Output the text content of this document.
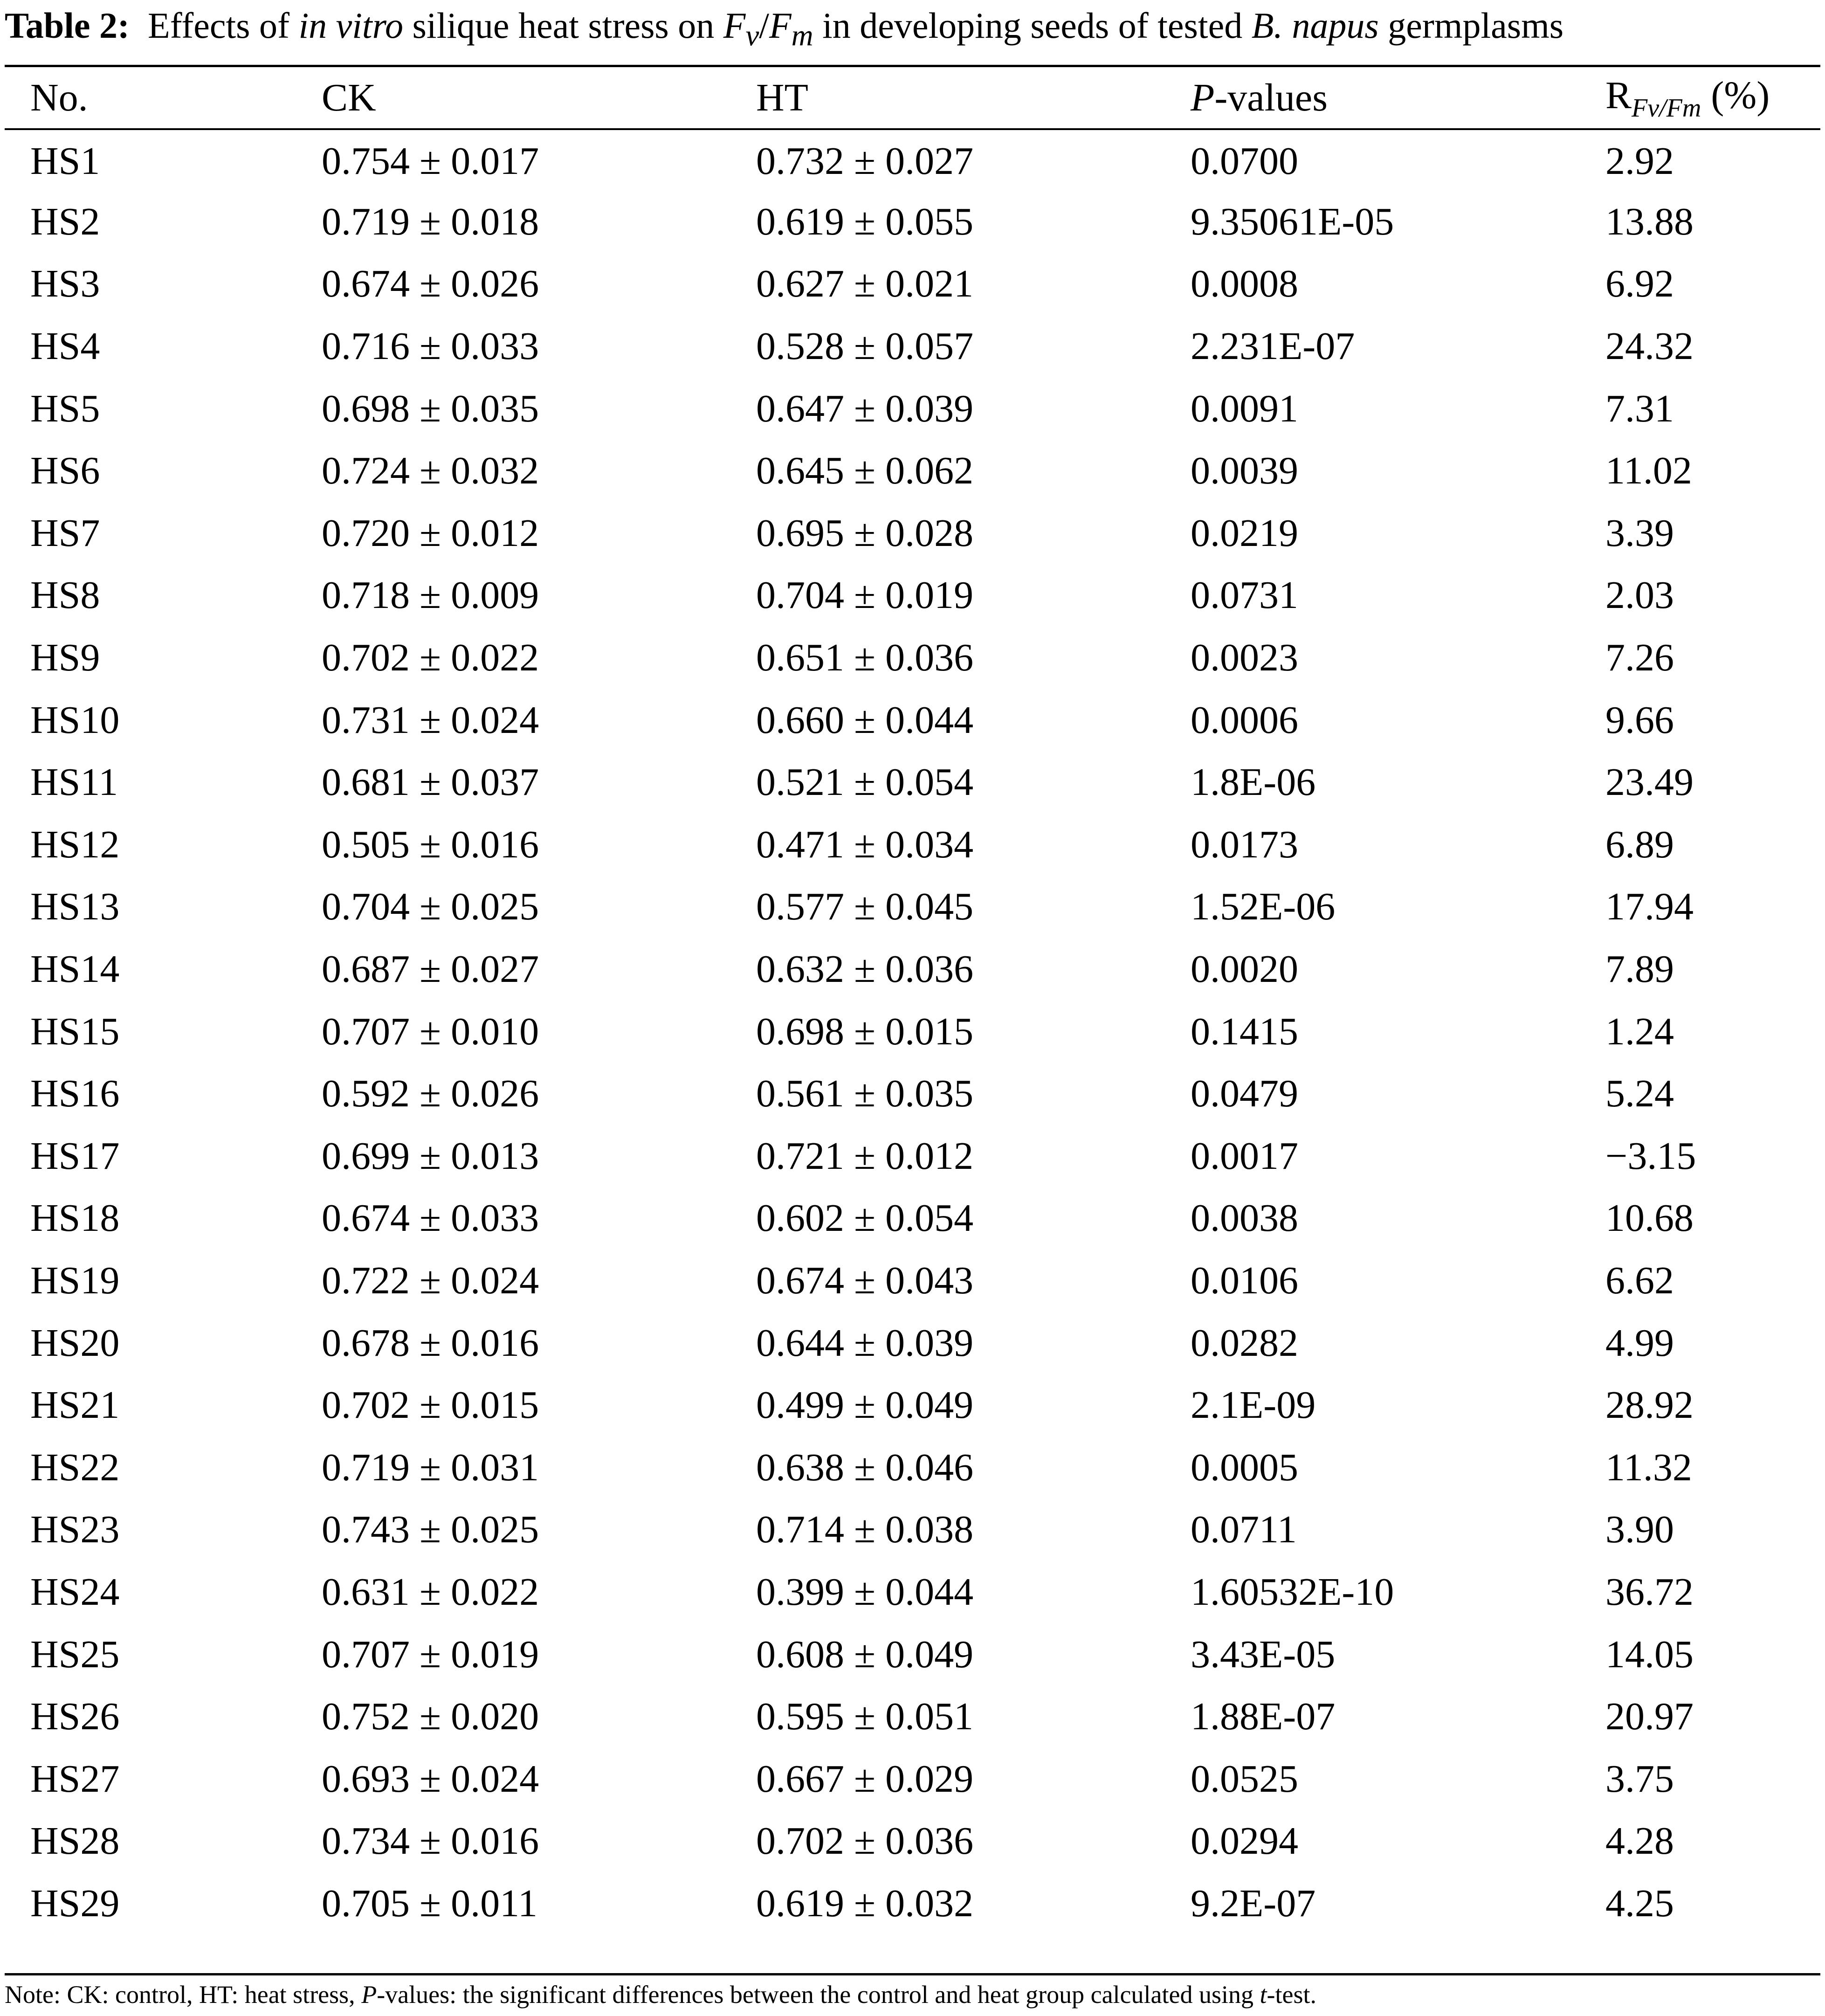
Table 2: Effects of in vitro silique heat stress on $F_v/F_m$ in developing seeds of tested B. napus germplasms
No.	CK	HT	P-values	$R_{Fv/Fm}$ (%)
HS1	0.754 ± 0.017	0.732 ± 0.027	0.0700	2.92
HS2	0.719 ± 0.018	0.619 ± 0.055	9.35061E-05	13.88
HS3	0.674 ± 0.026	0.627 ± 0.021	0.0008	6.92
HS4	0.716 ± 0.033	0.528 ± 0.057	2.231E-07	24.32
HS5	0.698 ± 0.035	0.647 ± 0.039	0.0091	7.31
HS6	0.724 ± 0.032	0.645 ± 0.062	0.0039	11.02
HS7	0.720 ± 0.012	0.695 ± 0.028	0.0219	3.39
HS8	0.718 ± 0.009	0.704 ± 0.019	0.0731	2.03
HS9	0.702 ± 0.022	0.651 ± 0.036	0.0023	7.26
HS10	0.731 ± 0.024	0.660 ± 0.044	0.0006	9.66
HS11	0.681 ± 0.037	0.521 ± 0.054	1.8E-06	23.49
HS12	0.505 ± 0.016	0.471 ± 0.034	0.0173	6.89
HS13	0.704 ± 0.025	0.577 ± 0.045	1.52E-06	17.94
HS14	0.687 ± 0.027	0.632 ± 0.036	0.0020	7.89
HS15	0.707 ± 0.010	0.698 ± 0.015	0.1415	1.24
HS16	0.592 ± 0.026	0.561 ± 0.035	0.0479	5.24
HS17	0.699 ± 0.013	0.721 ± 0.012	0.0017	−3.15
HS18	0.674 ± 0.033	0.602 ± 0.054	0.0038	10.68
HS19	0.722 ± 0.024	0.674 ± 0.043	0.0106	6.62
HS20	0.678 ± 0.016	0.644 ± 0.039	0.0282	4.99
HS21	0.702 ± 0.015	0.499 ± 0.049	2.1E-09	28.92
HS22	0.719 ± 0.031	0.638 ± 0.046	0.0005	11.32
HS23	0.743 ± 0.025	0.714 ± 0.038	0.0711	3.90
HS24	0.631 ± 0.022	0.399 ± 0.044	1.60532E-10	36.72
HS25	0.707 ± 0.019	0.608 ± 0.049	3.43E-05	14.05
HS26	0.752 ± 0.020	0.595 ± 0.051	1.88E-07	20.97
HS27	0.693 ± 0.024	0.667 ± 0.029	0.0525	3.75
HS28	0.734 ± 0.016	0.702 ± 0.036	0.0294	4.28
HS29	0.705 ± 0.011	0.619 ± 0.032	9.2E-07	4.25
Note: CK: control, HT: heat stress, P-values: the significant differences between the control and heat group calculated using t-test.
